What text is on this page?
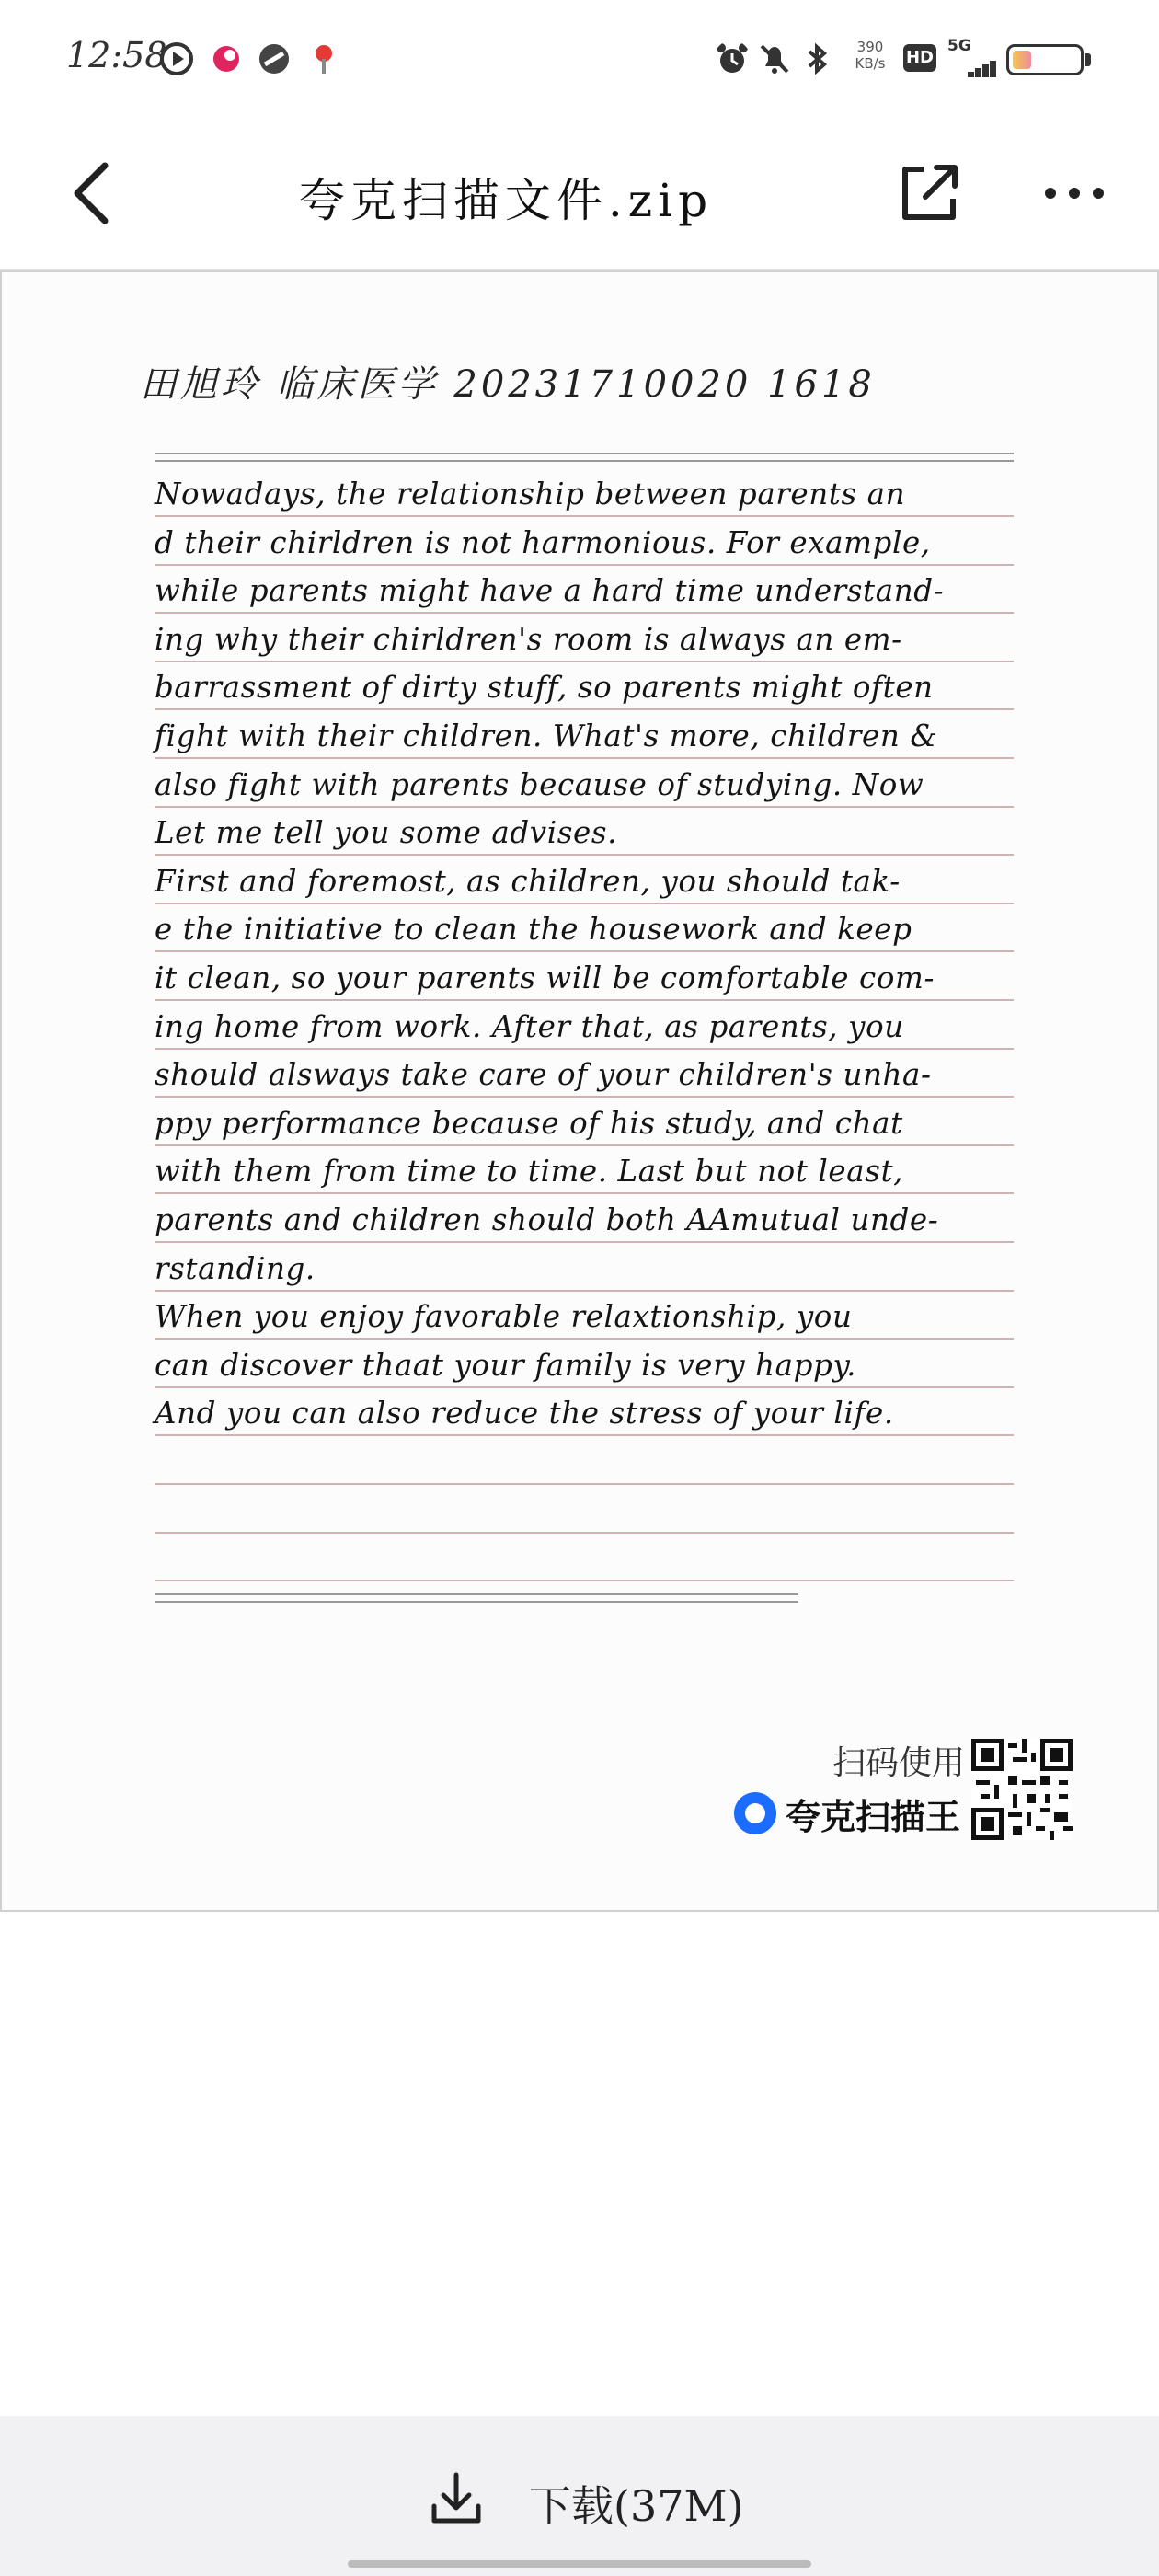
12:58	390
KB/s	HD
5G
夸克扫描文件.zip
田旭玲 临床医学 20231710020 1618
Nowadays, the relationship between parents an
d their chirldren is not harmonious. For example,
while parents might have a hard time understand-
ing why their chirldren's room is always an em-
barrassment of dirty stuff, so parents might often
fight with their children. What's more, children &
also fight with parents because of studying. Now
Let me tell you some advises.
First and foremost, as children, you should tak-
e the initiative to clean the housework and keep
it clean, so your parents will be comfortable com-
ing home from work. After that, as parents, you
should alsways take care of your children's unha-
ppy performance because of his study, and chat
with them from time to time. Last but not least,
parents and children should both AAmutual unde-
rstanding.
When you enjoy favorable relaxtionship, you
can discover thaat your family is very happy.
And you can also reduce the stress of your life.
扫码使用
夸克扫描王
下载(37M)
